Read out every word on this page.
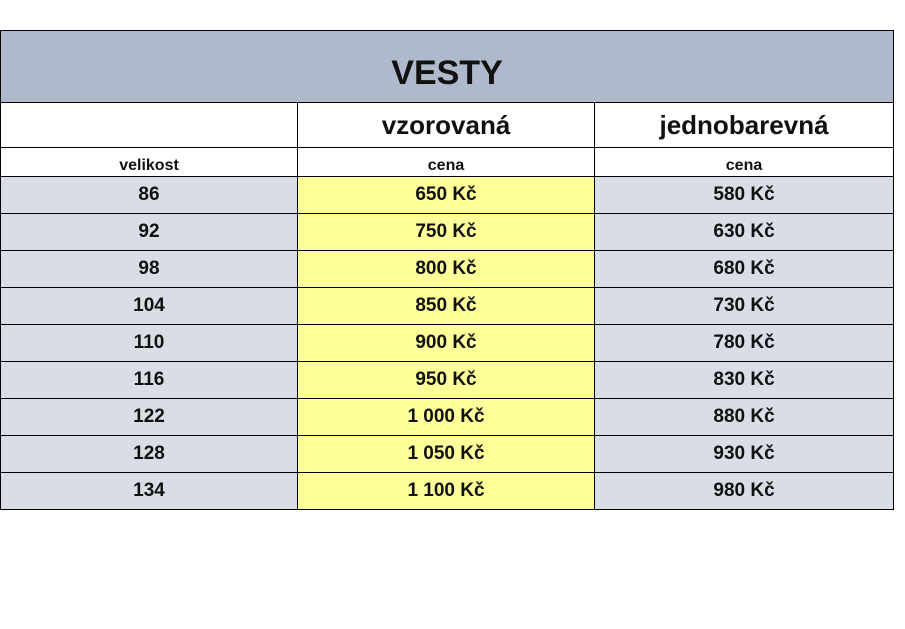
VESTY		
	vzorovaná	jednobarevná
velikost	cena	cena
86	650 Kč	580 Kč
92	750 Kč	630 Kč
98	800 Kč	680 Kč
104	850 Kč	730 Kč
110	900 Kč	780 Kč
116	950 Kč	830 Kč
122	1 000 Kč	880 Kč
128	1 050 Kč	930 Kč
134	1 100 Kč	980 Kč
